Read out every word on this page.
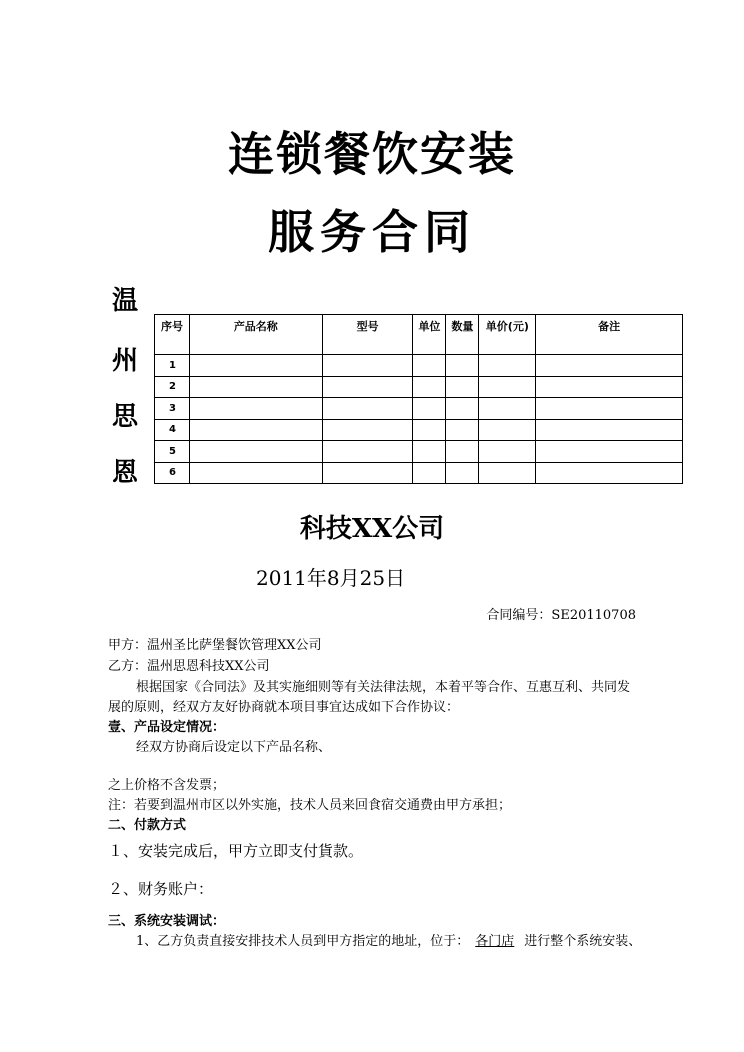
连锁餐饮安装
服务合同
温
州
思
恩
序号	产品名称	型号	单位	数量	单价(元)	备注
1						
2						
3						
4						
5						
6						
科技XX公司
2011年8月25日
合同编号：SE20110708
甲方：温州圣比萨堡餐饮管理XX公司
乙方：温州思恩科技XX公司
根据国家《合同法》及其实施细则等有关法律法规，本着平等合作、互惠互利、共同发
展的原则，经双方友好协商就本项目事宜达成如下合作协议：
壹、产品设定情况：
经双方协商后设定以下产品名称、
之上价格不含发票；
注：若要到温州市区以外实施，技术人员来回食宿交通费由甲方承担；
二、付款方式
１、安装完成后，甲方立即支付貨款。
２、财务账户：
三、系统安装调试：
1、乙方负责直接安排技术人员到甲方指定的地址，位于： 各门店 进行整个系统安装、
